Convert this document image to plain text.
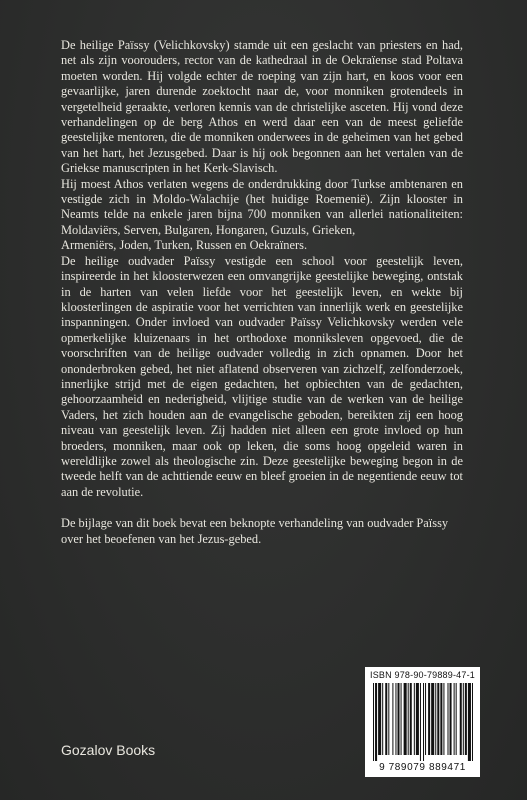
De heilige Païssy (Velichkovsky) stamde uit een geslacht van priesters en had, net als zijn voorouders, rector van de kathedraal in de Oekraïense stad Poltava moeten worden. Hij volgde echter de roeping van zijn hart, en koos voor een gevaarlijke, jaren durende zoektocht naar de, voor monniken grotendeels in vergetelheid geraakte, verloren kennis van de christelijke asceten. Hij vond deze verhandelingen op de berg Athos en werd daar een van de meest geliefde geestelijke mentoren, die de monniken onderwees in de geheimen van het gebed van het hart, het Jezusgebed. Daar is hij ook begonnen aan het vertalen van de Griekse manuscripten in het Kerk-Slavisch.

Hij moest Athos verlaten wegens de onderdrukking door Turkse ambtenaren en vestigde zich in Moldo-Walachije (het huidige Roemenië). Zijn klooster in Neamts telde na enkele jaren bijna 700 monniken van allerlei nationaliteiten: Moldaviërs, Serven, Bulgaren, Hongaren, Guzuls, Grieken,

Armeniërs, Joden, Turken, Russen en Oekraïners.

De heilige oudvader Païssy vestigde een school voor geestelijk leven, inspireerde in het kloosterwezen een omvangrijke geestelijke beweging, ontstak in de harten van velen liefde voor het geestelijk leven, en wekte bij kloosterlingen de aspiratie voor het verrichten van innerlijk werk en geestelijke inspanningen. Onder invloed van oudvader Païssy Velichkovsky werden vele opmerkelijke kluizenaars in het orthodoxe monniksleven opgevoed, die de voorschriften van de heilige oudvader volledig in zich opnamen. Door het ononderbroken gebed, het niet aflatend observeren van zichzelf, zelfonderzoek, innerlijke strijd met de eigen gedachten, het opbiechten van de gedachten, gehoorzaamheid en nederigheid, vlijtige studie van de werken van de heilige Vaders, het zich houden aan de evangelische geboden, bereikten zij een hoog niveau van geestelijk leven. Zij hadden niet alleen een grote invloed op hun broeders, monniken, maar ook op leken, die soms hoog opgeleid waren in wereldlijke zowel als theologische zin. Deze geestelijke beweging begon in de tweede helft van de achttiende eeuw en bleef groeien in de negentiende eeuw tot aan de revolutie.

De bijlage van dit boek bevat een beknopte verhandeling van oudvader Païssy over het beoefenen van het Jezus-gebed.

Gozalov Books
ISBN 978-90-79889-47-1
9 789079 889471
